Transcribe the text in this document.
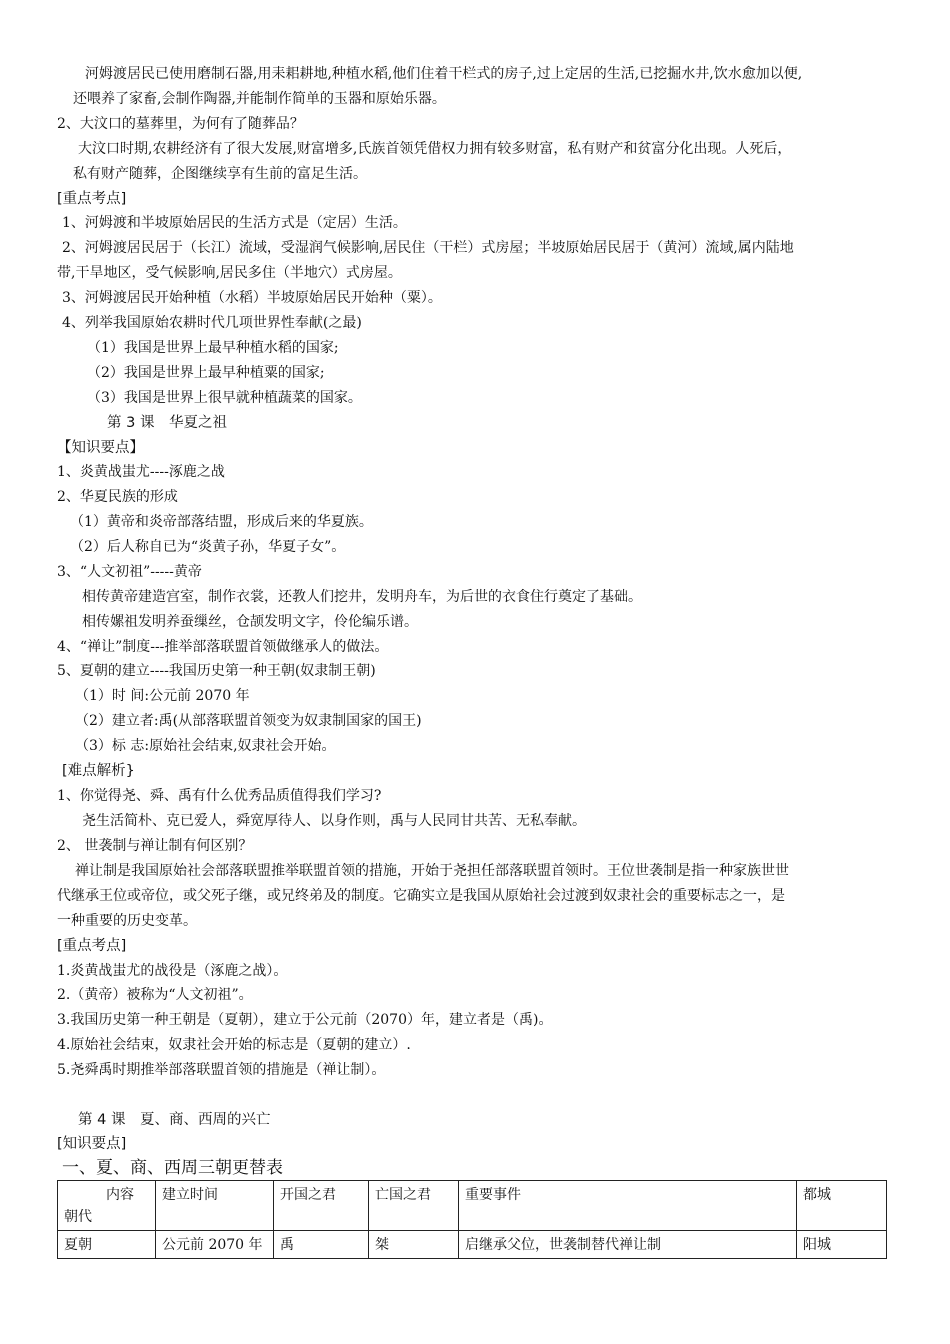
河姆渡居民已使用磨制石器,用耒耜耕地,种植水稻,他们住着干栏式的房子,过上定居的生活,已挖掘水井,饮水愈加以便,
还喂养了家畜,会制作陶器,并能制作简单的玉器和原始乐器。
2、大汶口的墓葬里，为何有了随葬品？
大汶口时期,农耕经济有了很大发展,财富增多,氏族首领凭借权力拥有较多财富，私有财产和贫富分化出现。人死后，
私有财产随葬，企图继续享有生前的富足生活。
[重点考点]
1、河姆渡和半坡原始居民的生活方式是（定居）生活。
2、河姆渡居民居于（长江）流域，受湿润气候影响,居民住（干栏）式房屋；半坡原始居民居于（黄河）流域,属内陆地
带,干旱地区，受气候影响,居民多住（半地穴）式房屋。
3、河姆渡居民开始种植（水稻）半坡原始居民开始种（粟）。
4、列举我国原始农耕时代几项世界性奉献(之最)
（1）我国是世界上最早种植水稻的国家;
（2）我国是世界上最早种植粟的国家;
（3）我国是世界上很早就种植蔬菜的国家。
第 3 课　华夏之祖
【知识要点】
1、炎黄战蚩尤----涿鹿之战
2、华夏民族的形成
（1）黄帝和炎帝部落结盟，形成后来的华夏族。
（2）后人称自已为“炎黄子孙，华夏子女”。
3、“人文初祖”-----黄帝
相传黄帝建造宫室，制作衣裳，还教人们挖井，发明舟车，为后世的衣食住行奠定了基础。
相传嫘祖发明养蚕缫丝，仓颉发明文字，伶伦编乐谱。
4、“禅让”制度---推举部落联盟首领做继承人的做法。
5、夏朝的建立----我国历史第一种王朝(奴隶制王朝)
（1）时 间:公元前 2070 年
（2）建立者:禹(从部落联盟首领变为奴隶制国家的国王)
（3）标 志:原始社会结束,奴隶社会开始。
[难点解析}
1、你觉得尧、舜、禹有什么优秀品质值得我们学习?
尧生活简朴、克已爱人，舜宽厚待人、以身作则，禹与人民同甘共苦、无私奉献。
2、 世袭制与禅让制有何区别？
禅让制是我国原始社会部落联盟推举联盟首领的措施，开始于尧担任部落联盟首领时。王位世袭制是指一种家族世世
代继承王位或帝位，或父死子继，或兄终弟及的制度。它确实立是我国从原始社会过渡到奴隶社会的重要标志之一，是
一种重要的历史变革。
[重点考点]
1.炎黄战蚩尤的战役是（涿鹿之战）。
2.（黄帝）被称为“人文初祖”。
3.我国历史第一种王朝是（夏朝），建立于公元前（2070）年，建立者是（禹)。
4.原始社会结束，奴隶社会开始的标志是（夏朝的建立）.
5.尧舜禹时期推举部落联盟首领的措施是（禅让制）。
第 4 课　夏、商、西周的兴亡
[知识要点]
一、夏、商、西周三朝更替表
内容
朝代	建立时间	开国之君	亡国之君	重要事件	都城
夏朝	公元前 2070 年	禹	桀	启继承父位，世袭制替代禅让制	阳城
